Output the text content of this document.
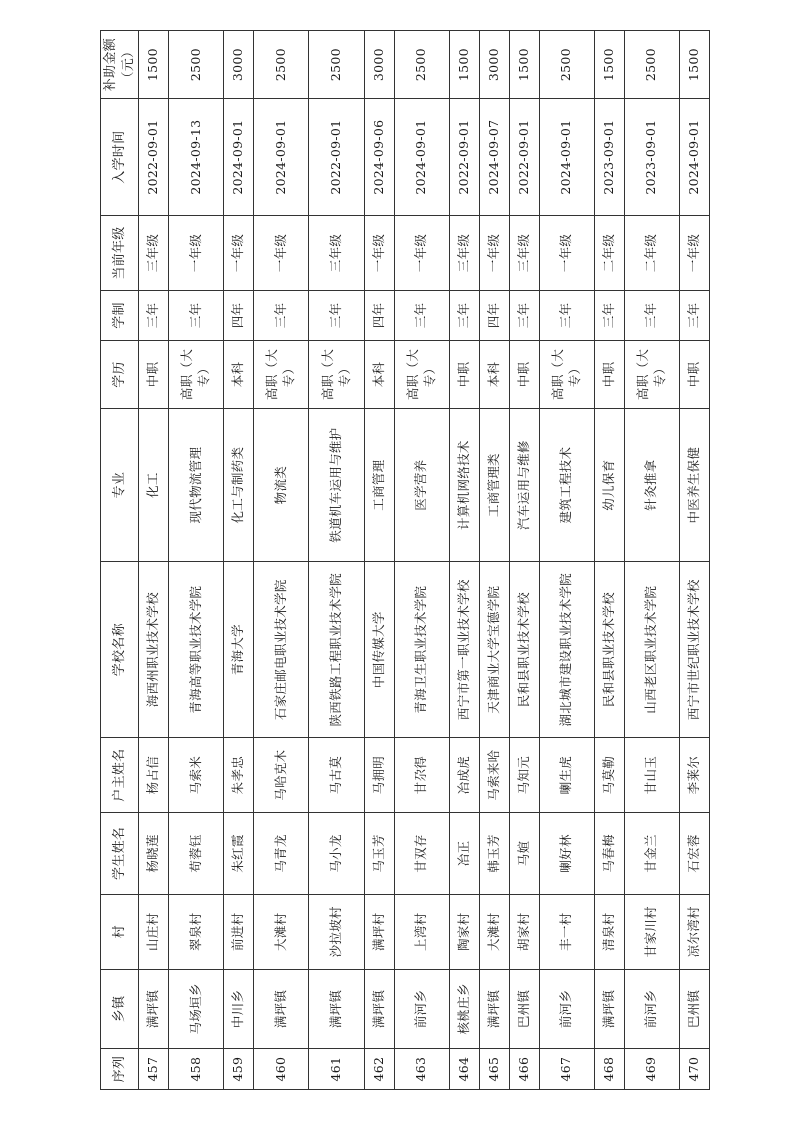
序列	乡镇	村	学生姓名	户主姓名	学校名称	专业	学历	学制	当前年级	入学时间	补助金额（元）
457	满坪镇	山庄村	杨晓莲	杨占信	海西州职业技术学校	化工	中职	三年	三年级	2022-09-01	1500
458	马场垣乡	翠泉村	苟蓉钰	马索米	青海高等职业技术学院	现代物流管理	高职（大专）	三年	一年级	2024-09-13	2500
459	中川乡	前进村	朱红霞	朱孝忠	青海大学	化工与制药类	本科	四年	一年级	2024-09-01	3000
460	满坪镇	大滩村	马青龙	马哈克木	石家庄邮电职业技术学院	物流类	高职（大专）	三年	一年级	2024-09-01	2500
461	满坪镇	沙拉坡村	马小龙	马古莫	陕西铁路工程职业技术学院	铁道机车运用与维护	高职（大专）	三年	三年级	2022-09-01	2500
462	满坪镇	满坪村	马玉芳	马拥明	中国传媒大学	工商管理	本科	四年	一年级	2024-09-06	3000
463	前河乡	上湾村	甘双存	甘尕得	青海卫生职业技术学院	医学营养	高职（大专）	三年	一年级	2024-09-01	2500
464	核桃庄乡	陶家村	冶正	冶成虎	西宁市第一职业技术学校	计算机网络技术	中职	三年	三年级	2022-09-01	1500
465	满坪镇	大滩村	韩玉芳	马索来哈	天津商业大学宝德学院	工商管理类	本科	四年	一年级	2024-09-07	3000
466	巴州镇	胡家村	马媗	马知元	民和县职业技术学校	汽车运用与维修	中职	三年	三年级	2022-09-01	1500
467	前河乡	丰一村	喇好林	喇生虎	湖北城市建设职业技术学院	建筑工程技术	高职（大专）	三年	一年级	2024-09-01	2500
468	满坪镇	清泉村	马春梅	马莫勒	民和县职业技术学校	幼儿保育	中职	三年	二年级	2023-09-01	1500
469	前河乡	甘家川村	甘金兰	甘山玉	山西老区职业技术学院	针灸推拿	高职（大专）	三年	二年级	2023-09-01	2500
470	巴州镇	凉尔湾村	石宏蓉	李莱尔	西宁市世纪职业技术学校	中医养生保健	中职	三年	一年级	2024-09-01	1500
